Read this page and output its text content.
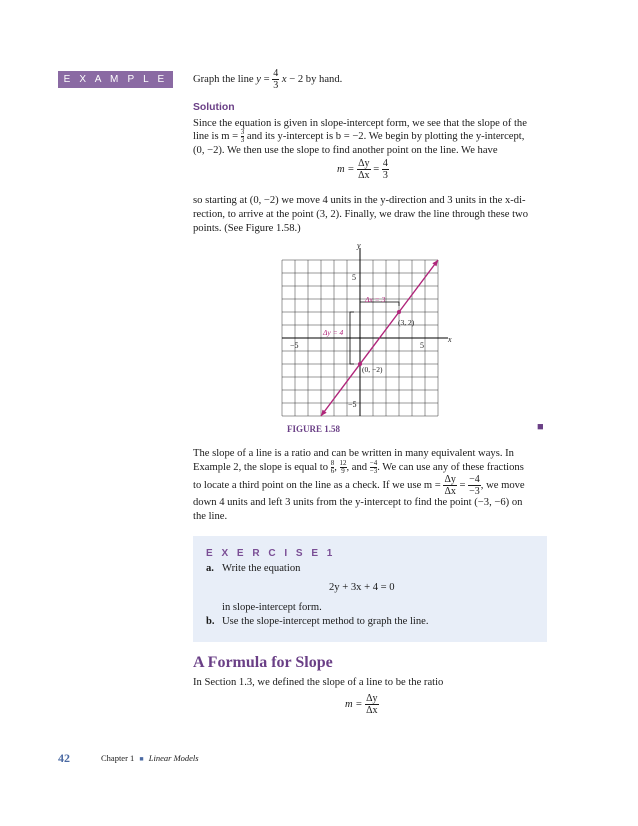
E X A M P L E 2
Graph the line $y = \frac{4}{3}$ x − 2 by hand.
Solution
Since the equation is given in slope-intercept form, we see that the slope of the
line is $m = \frac{3}{3}$ and its y-intercept is b = −2. We begin by plotting the y-intercept,
(0, −2). We then use the slope to find another point on the line. We have
$m = \frac{\Delta y}{\Delta x} = \frac{4}{3}$
so starting at (0, −2) we move 4 units in the y-direction and 3 units in the x-di-
rection, to arrive at the point (3, 2). Finally, we draw the line through these two
points. (See Figure 1.58.)
y
x
5
−5
−5	5
Δx = 3
Δy = 4
(3, 2)
(0, −2)
FIGURE 1.58	■
The slope of a line is a ratio and can be written in many equivalent ways. In
Example 2, the slope is equal to $\frac{8}{6}$ , $\frac{12}{9}$ , and $\frac{-4}{-3}$ . We can use any of these fractions
to locate a third point on the line as a check. If we use $m = \frac{\Delta y}{\Delta x} = \frac{-4}{-3}$ , we move
down 4 units and left 3 units from the y-intercept to find the point (−3, −6) on
the line.
E X E R C I S E 1
a. Write the equation
2y + 3x + 4 = 0
in slope-intercept form.
b. Use the slope-intercept method to graph the line.
A Formula for Slope
In Section 1.3, we defined the slope of a line to be the ratio
$m = \frac{\Delta y}{\Delta x}$
42	Chapter 1 ■ Linear Models
